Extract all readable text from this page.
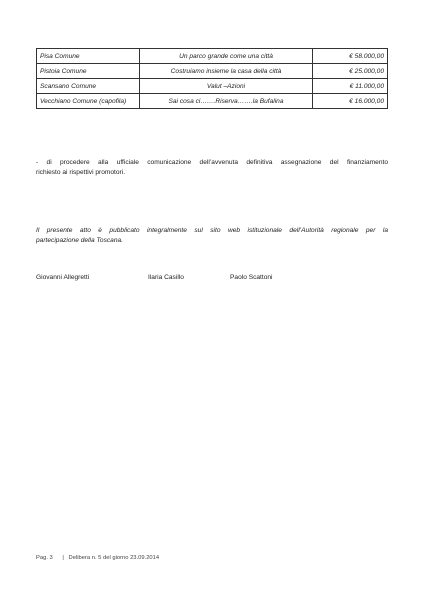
Pisa Comune	Un parco grande come una città	€ 58.000,00
Pistoia Comune	Costruiamo insieme la casa della città	€ 25.000,00
Scansano Comune	Valut –Azioni	€ 11.000,00
Vecchiano Comune (capofila)	Sai cosa ci…….Riserva…….la Bufalina	€ 16.000,00
- di procedere alla ufficiale comunicazione dell’avvenuta definitiva assegnazione del finanziamento
richiesto ai rispettivi promotori.
Il presente atto è pubblicato integralmente sul sito web istituzionale dell’Autorità regionale per la
partecipazione della Toscana.
Giovanni Allegretti	Ilaria Casillo	Paolo Scattoni
Pag. 3 | Delibera n. 5 del giorno 23.09.2014
